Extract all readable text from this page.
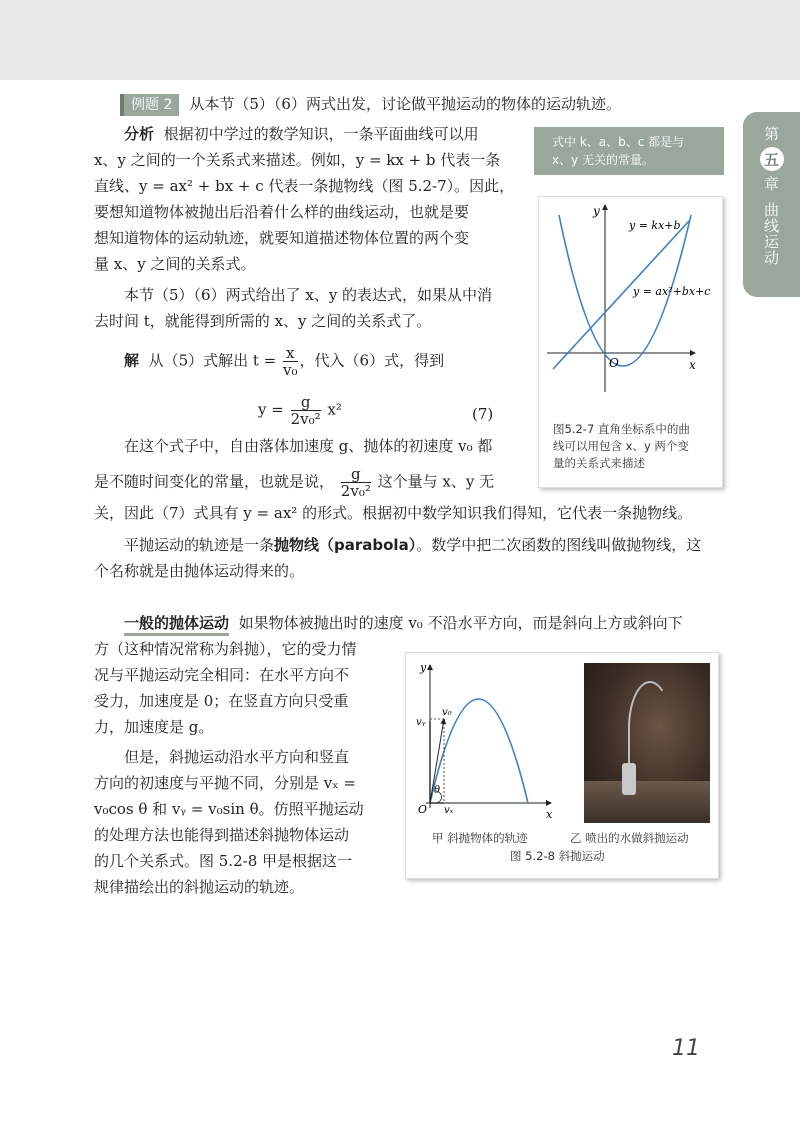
第
五
章
曲线运动
例题 2 从本节（5）（6）两式出发，讨论做平抛运动的物体的运动轨迹。
分析 根据初中学过的数学知识，一条平面曲线可以用
x、y 之间的一个关系式来描述。例如，y = kx + b 代表一条
直线、y = ax² + bx + c 代表一条抛物线（图 5.2-7）。因此，
要想知道物体被抛出后沿着什么样的曲线运动，也就是要
想知道物体的运动轨迹，就要知道描述物体位置的两个变
量 x、y 之间的关系式。
本节（5）（6）两式给出了 x、y 的表达式，如果从中消
去时间 t，就能得到所需的 x、y 之间的关系式了。
式中 k、a、b、c 都是与
x、y 无关的常量。
y = kx+b
y = ax²+bx+c
x
y
O
图5.2-7 直角坐标系中的曲
线可以用包含 x、y 两个变
量的关系式来描述
解 从（5）式解出 $t = \frac{x}{\text{v₀}}$ ，代入（6）式，得到
$y = \frac{g}{\text{2v₀²}} x^2$	(7)
在这个式子中，自由落体加速度 g、抛体的初速度 v₀ 都
是不随时间变化的常量，也就是说， $\frac{g}{\text{2v₀²}}$ 这个量与 x、y 无
关，因此（7）式具有 y = ax² 的形式。根据初中数学知识我们得知，它代表一条抛物线。
平抛运动的轨迹是一条抛物线（parabola）。数学中把二次函数的图线叫做抛物线，这
个名称就是由抛体运动得来的。
一般的抛体运动 如果物体被抛出时的速度 v₀ 不沿水平方向，而是斜向上方或斜向下
方（这种情况常称为斜抛），它的受力情
况与平抛运动完全相同：在水平方向不
受力，加速度是 0；在竖直方向只受重
力，加速度是 g。
但是，斜抛运动沿水平方向和竖直
方向的初速度与平抛不同，分别是 vₓ =
v₀cos θ 和 vᵧ = v₀sin θ。仿照平抛运动
的处理方法也能得到描述斜抛物体运动
的几个关系式。图 5.2-8 甲是根据这一
规律描绘出的斜抛运动的轨迹。
x
y
O
v₀
vᵧ
vₓ
θ
甲 斜抛物体的轨迹	乙 喷出的水做斜抛运动
图 5.2-8 斜抛运动
11
